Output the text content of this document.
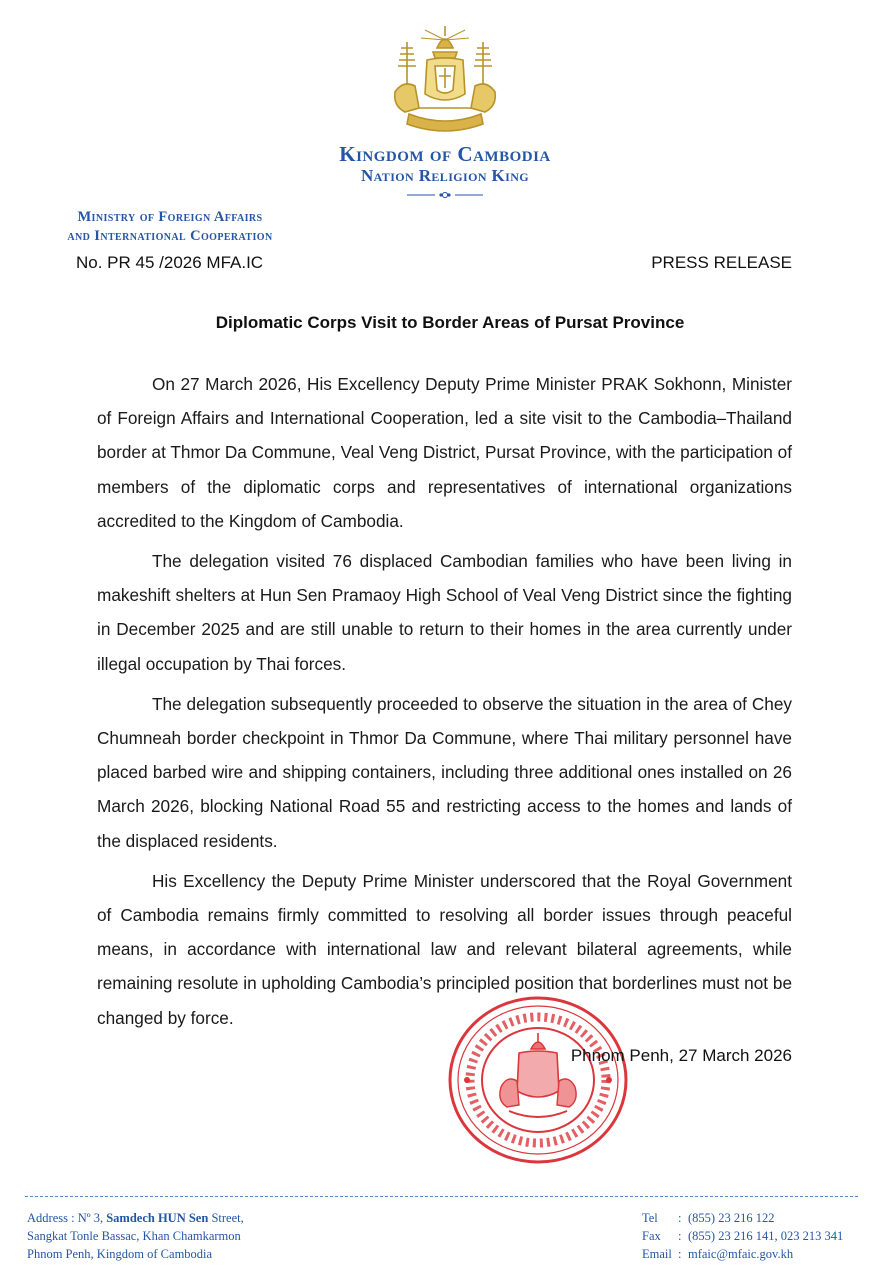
Kingdom of Cambodia
Nation Religion King
Ministry of Foreign Affairs
and International Cooperation
No. PR 45 /2026 MFA.IC	PRESS RELEASE
Diplomatic Corps Visit to Border Areas of Pursat Province

On 27 March 2026, His Excellency Deputy Prime Minister PRAK Sokhonn, Minister of Foreign Affairs and International Cooperation, led a site visit to the Cambodia–Thailand border at Thmor Da Commune, Veal Veng District, Pursat Province, with the participation of members of the diplomatic corps and representatives of international organizations accredited to the Kingdom of Cambodia.

The delegation visited 76 displaced Cambodian families who have been living in makeshift shelters at Hun Sen Pramaoy High School of Veal Veng District since the fighting in December 2025 and are still unable to return to their homes in the area currently under illegal occupation by Thai forces.

The delegation subsequently proceeded to observe the situation in the area of Chey Chumneah border checkpoint in Thmor Da Commune, where Thai military personnel have placed barbed wire and shipping containers, including three additional ones installed on 26 March 2026, blocking National Road 55 and restricting access to the homes and lands of the displaced residents.

His Excellency the Deputy Prime Minister underscored that the Royal Government of Cambodia remains firmly committed to resolving all border issues through peaceful means, in accordance with international law and relevant bilateral agreements, while remaining resolute in upholding Cambodia’s principled position that borderlines must not be changed by force.

Phnom Penh, 27 March 2026
Address : Nº 3, Samdech HUN Sen Street,
Sangkat Tonle Bassac, Khan Chamkarmon
Phnom Penh, Kingdom of Cambodia
Tel : (855) 23 216 122
Fax : (855) 23 216 141, 023 213 341
Email : mfaic@mfaic.gov.kh
